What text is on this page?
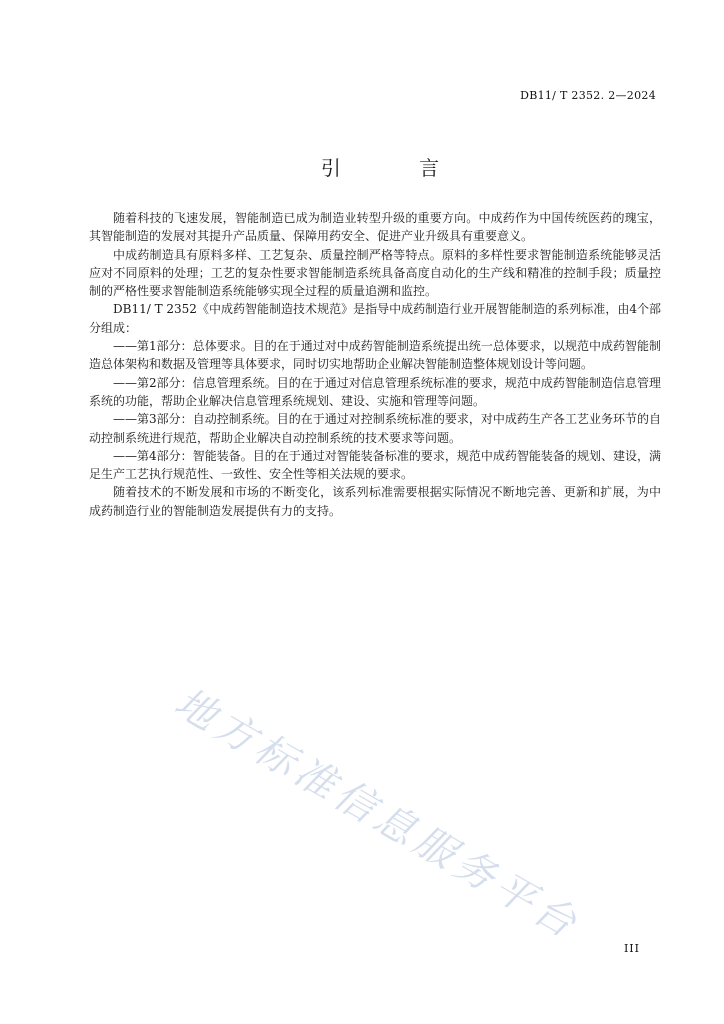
DB11/ T 2352. 2—2024
引 言

随着科技的飞速发展，智能制造已成为制造业转型升级的重要方向。中成药作为中国传统医药的瑰宝，其智能制造的发展对其提升产品质量、保障用药安全、促进产业升级具有重要意义。

中成药制造具有原料多样、工艺复杂、质量控制严格等特点。原料的多样性要求智能制造系统能够灵活应对不同原料的处理；工艺的复杂性要求智能制造系统具备高度自动化的生产线和精准的控制手段；质量控制的严格性要求智能制造系统能够实现全过程的质量追溯和监控。

DB11/ T 2352《中成药智能制造技术规范》是指导中成药制造行业开展智能制造的系列标准，由4个部分组成：

——第1部分：总体要求。目的在于通过对中成药智能制造系统提出统一总体要求，以规范中成药智能制造总体架构和数据及管理等具体要求，同时切实地帮助企业解决智能制造整体规划设计等问题。

——第2部分：信息管理系统。目的在于通过对信息管理系统标准的要求，规范中成药智能制造信息管理系统的功能，帮助企业解决信息管理系统规划、建设、实施和管理等问题。

——第3部分：自动控制系统。目的在于通过对控制系统标准的要求，对中成药生产各工艺业务环节的自动控制系统进行规范，帮助企业解决自动控制系统的技术要求等问题。

——第4部分：智能装备。目的在于通过对智能装备标准的要求，规范中成药智能装备的规划、建设，满足生产工艺执行规范性、一致性、安全性等相关法规的要求。

随着技术的不断发展和市场的不断变化，该系列标准需要根据实际情况不断地完善、更新和扩展，为中成药制造行业的智能制造发展提供有力的支持。

地方标准信息服务平台	III
